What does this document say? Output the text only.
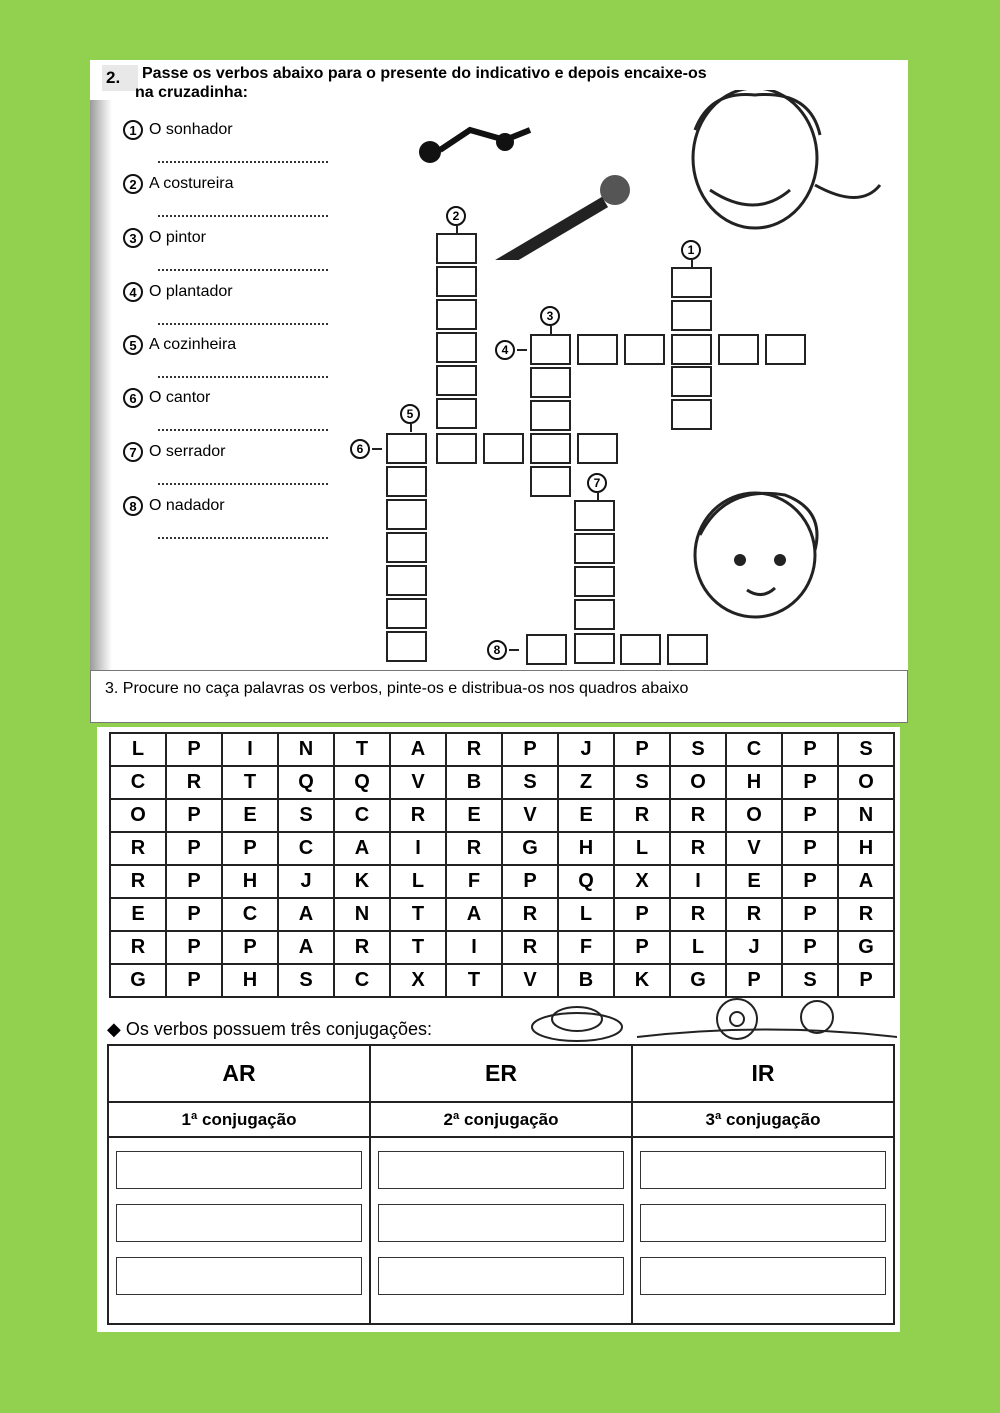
2.	Passe os verbos abaixo para o presente do indicativo e depois encaixe-os
na cruzadinha:
1 O sonhador
2 A costureira
3 O pintor
4 O plantador
5 A cozinheira
6 O cantor
7 O serrador
8 O nadador
2
1
3
4
5
6
7
8
3. Procure no caça palavras os verbos, pinte-os e distribua-os nos quadros abaixo
L	P	I	N	T	A	R	P	J	P	S	C	P	S
C	R	T	Q	Q	V	B	S	Z	S	O	H	P	O
O	P	E	S	C	R	E	V	E	R	R	O	P	N
R	P	P	C	A	I	R	G	H	L	R	V	P	H
R	P	H	J	K	L	F	P	Q	X	I	E	P	A
E	P	C	A	N	T	A	R	L	P	R	R	P	R
R	P	P	A	R	T	I	R	F	P	L	J	P	G
G	P	H	S	C	X	T	V	B	K	G	P	S	P
◆ Os verbos possuem três conjugações:
AR	ER	IR
1ª conjugação	2ª conjugação	3ª conjugação
